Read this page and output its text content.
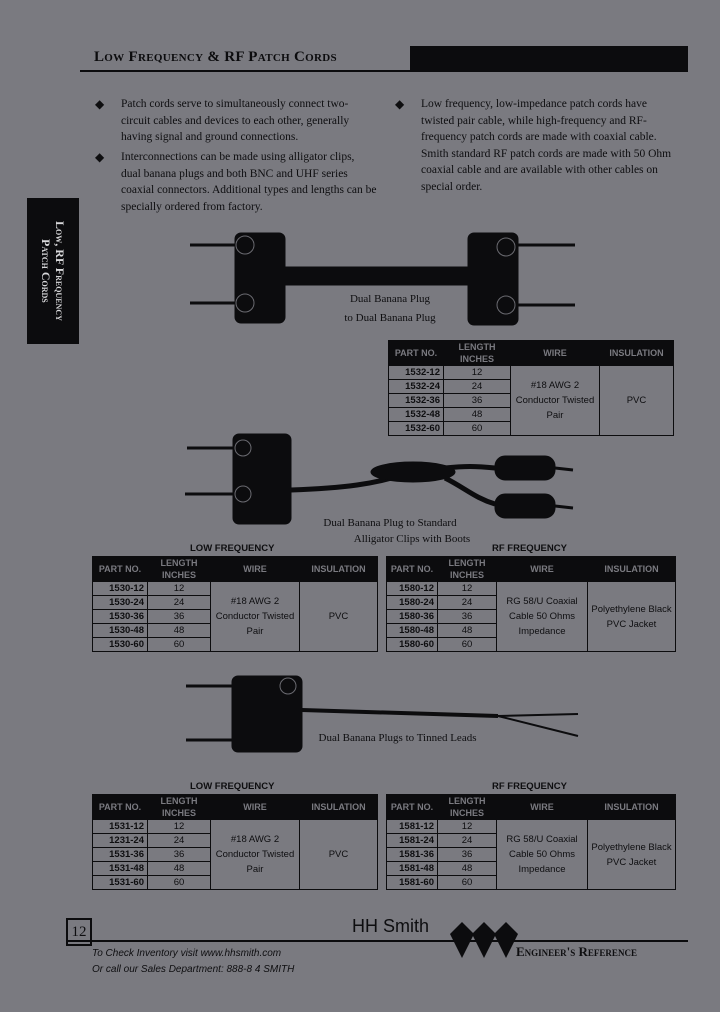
Low Frequency & RF Patch Cords
Low, RF Frequency
Patch Cords
◆ Patch cords serve to simultaneously connect two-circuit cables and devices to each other, generally having signal and ground connections.
◆ Interconnections can be made using alligator clips, dual banana plugs and both BNC and UHF series coaxial connectors. Additional types and lengths can be specially ordered from factory.
◆ Low frequency, low-impedance patch cords have twisted pair cable, while high-frequency and RF-frequency patch cords are made with coaxial cable. Smith standard RF patch cords are made with 50 Ohm coaxial cable and are available with other cables on special order.
Dual Banana Plug
to Dual Banana Plug
PART NO.	LENGTH INCHES	WIRE	INSULATION
1532-12	12	#18 AWG 2 Conductor Twisted Pair	PVC
1532-24	24		
1532-36	36		
1532-48	48		
1532-60	60		
Dual Banana Plug to Standard
Alligator Clips with Boots
LOW FREQUENCY
PART NO.	LENGTH INCHES	WIRE	INSULATION
1530-12	12	#18 AWG 2 Conductor Twisted Pair	PVC
1530-24	24		
1530-36	36		
1530-48	48		
1530-60	60		
RF FREQUENCY
PART NO.	LENGTH INCHES	WIRE	INSULATION
1580-12	12	RG 58/U Coaxial Cable 50 Ohms Impedance	Polyethylene Black PVC Jacket
1580-24	24		
1580-36	36		
1580-48	48		
1580-60	60		
Dual Banana Plugs to Tinned Leads
LOW FREQUENCY
PART NO.	LENGTH INCHES	WIRE	INSULATION
1531-12	12	#18 AWG 2 Conductor Twisted Pair	PVC
1231-24	24		
1531-36	36		
1531-48	48		
1531-60	60		
RF FREQUENCY
PART NO.	LENGTH INCHES	WIRE	INSULATION
1581-12	12	RG 58/U Coaxial Cable 50 Ohms Impedance	Polyethylene Black PVC Jacket
1581-24	24		
1581-36	36		
1581-48	48		
1581-60	60		
12	HH Smith
Engineer's Reference
To Check Inventory visit www.hhsmith.com
Or call our Sales Department: 888-8 4 SMITH
